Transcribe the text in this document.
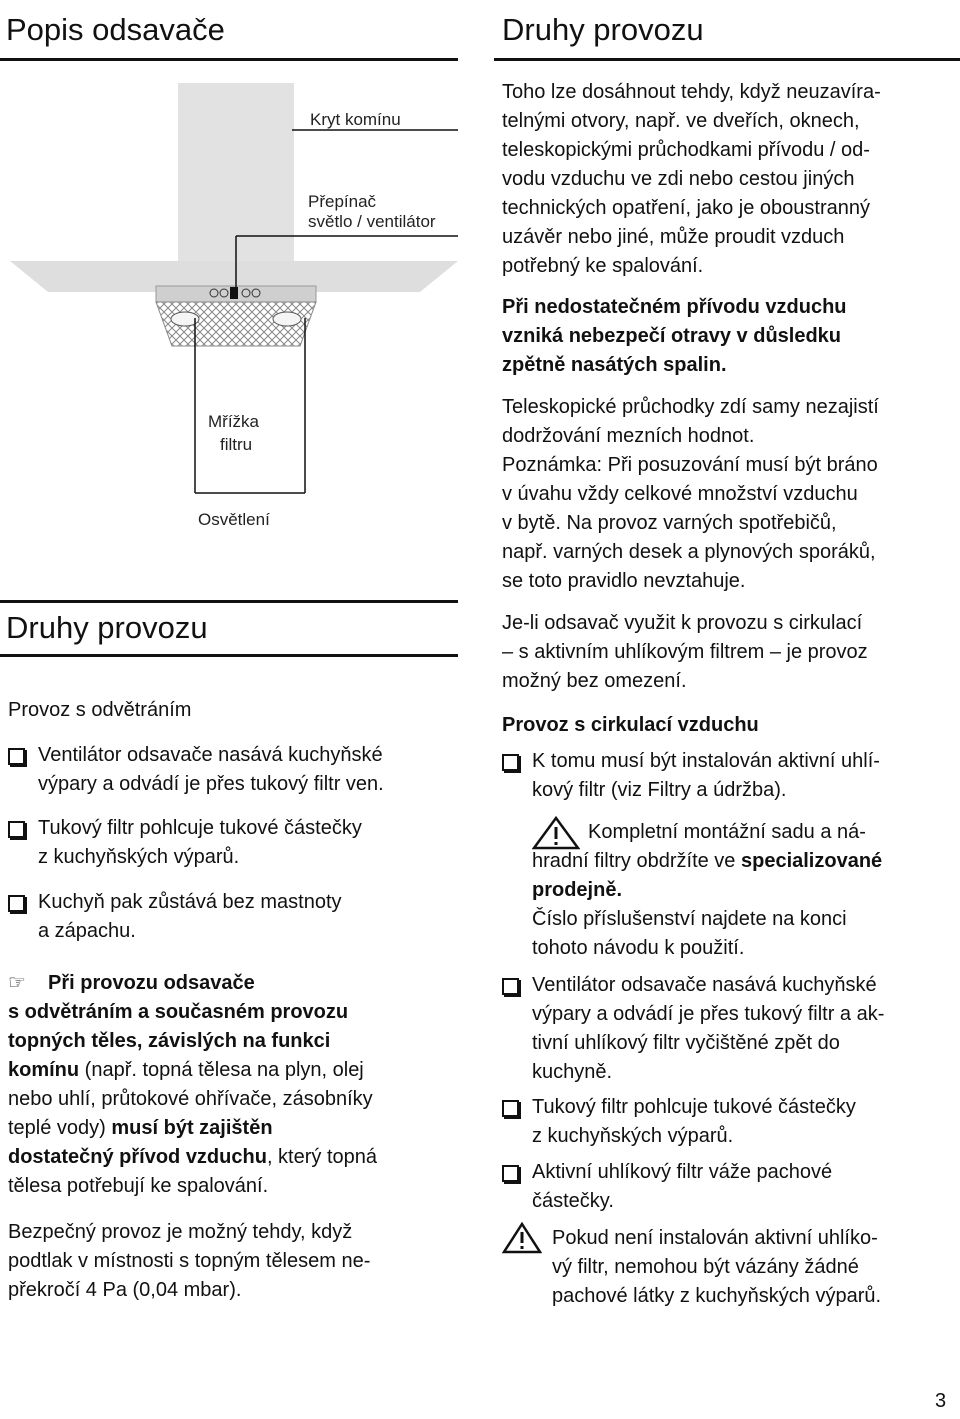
Popis odsavače
Kryt komínu
Přepínač
světlo / ventilátor
Mřížka
filtru
Osvětlení
Druhy provozu
Provoz s odvětráním
Ventilátor odsavače nasává kuchyňské
výpary a odvádí je přes tukový filtr ven.
Tukový filtr pohlcuje tukové částečky
z kuchyňských výparů.
Kuchyň pak zůstává bez mastnoty
a zápachu.
☞ Při provozu odsavače
s odvětráním a současném provozu
topných těles, závislých na funkci
komínu (např. topná tělesa na plyn, olej
nebo uhlí, průtokové ohřívače, zásobníky
teplé vody) musí být zajištěn
dostatečný přívod vzduchu, který topná
tělesa potřebují ke spalování.
Bezpečný provoz je možný tehdy, když
podtlak v místnosti s topným tělesem ne-
překročí 4 Pa (0,04 mbar).
Druhy provozu
Toho lze dosáhnout tehdy, když neuzavíra-
telnými otvory, např. ve dveřích, oknech,
teleskopickými průchodkami přívodu / od-
vodu vzduchu ve zdi nebo cestou jiných
technických opatření, jako je oboustranný
uzávěr nebo jiné, může proudit vzduch
potřebný ke spalování.
Při nedostatečném přívodu vzduchu
vzniká nebezpečí otravy v důsledku
zpětně nasátých spalin.
Teleskopické průchodky zdí samy nezajistí
dodržování mezních hodnot.
Poznámka: Při posuzování musí být bráno
v úvahu vždy celkové množství vzduchu
v bytě. Na provoz varných spotřebičů,
např. varných desek a plynových sporáků,
se toto pravidlo nevztahuje.
Je-li odsavač využit k provozu s cirkulací
– s aktivním uhlíkovým filtrem – je provoz
možný bez omezení.
Provoz s cirkulací vzduchu
K tomu musí být instalován aktivní uhlí-
kový filtr (viz Filtry a údržba).
Kompletní montážní sadu a ná-
hradní filtry obdržíte ve specializované
prodejně.
Číslo příslušenství najdete na konci
tohoto návodu k použití.
Ventilátor odsavače nasává kuchyňské
výpary a odvádí je přes tukový filtr a ak-
tivní uhlíkový filtr vyčištěné zpět do
kuchyně.
Tukový filtr pohlcuje tukové částečky
z kuchyňských výparů.
Aktivní uhlíkový filtr váže pachové
částečky.
Pokud není instalován aktivní uhlíko-
vý filtr, nemohou být vázány žádné
pachové látky z kuchyňských výparů.
3
